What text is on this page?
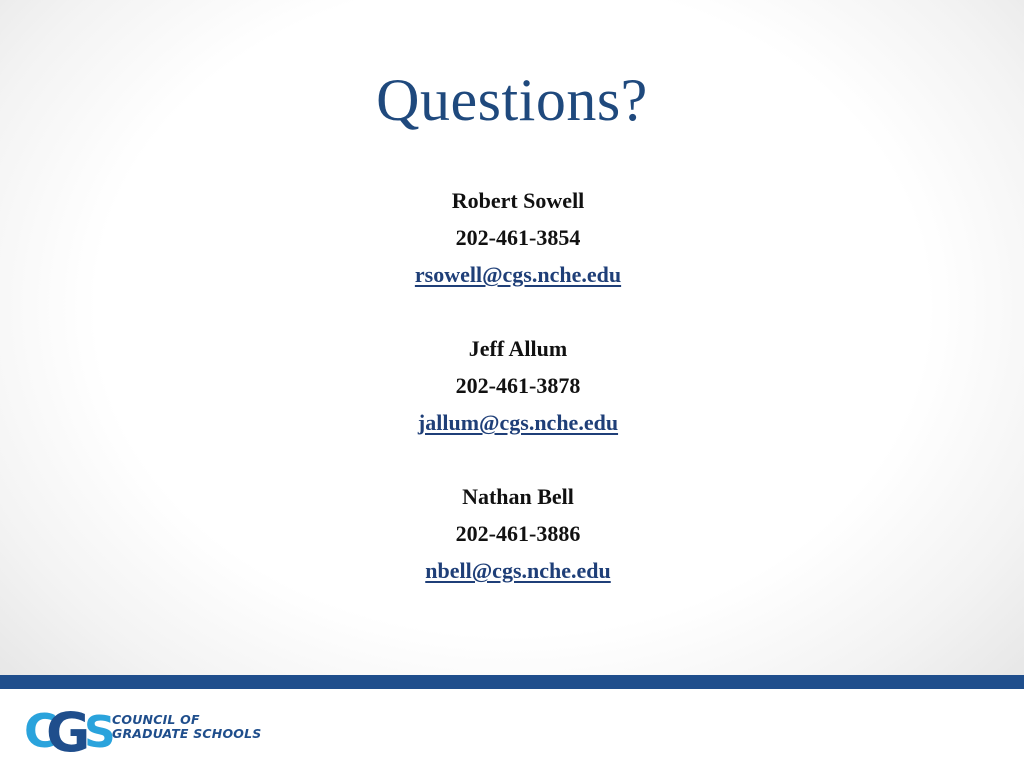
Questions?
Robert Sowell
202-461-3854
rsowell@cgs.nche.edu
Jeff Allum
202-461-3878
jallum@cgs.nche.edu
Nathan Bell
202-461-3886
nbell@cgs.nche.edu
C
G
S
COUNCIL OF
GRADUATE SCHOOLS
